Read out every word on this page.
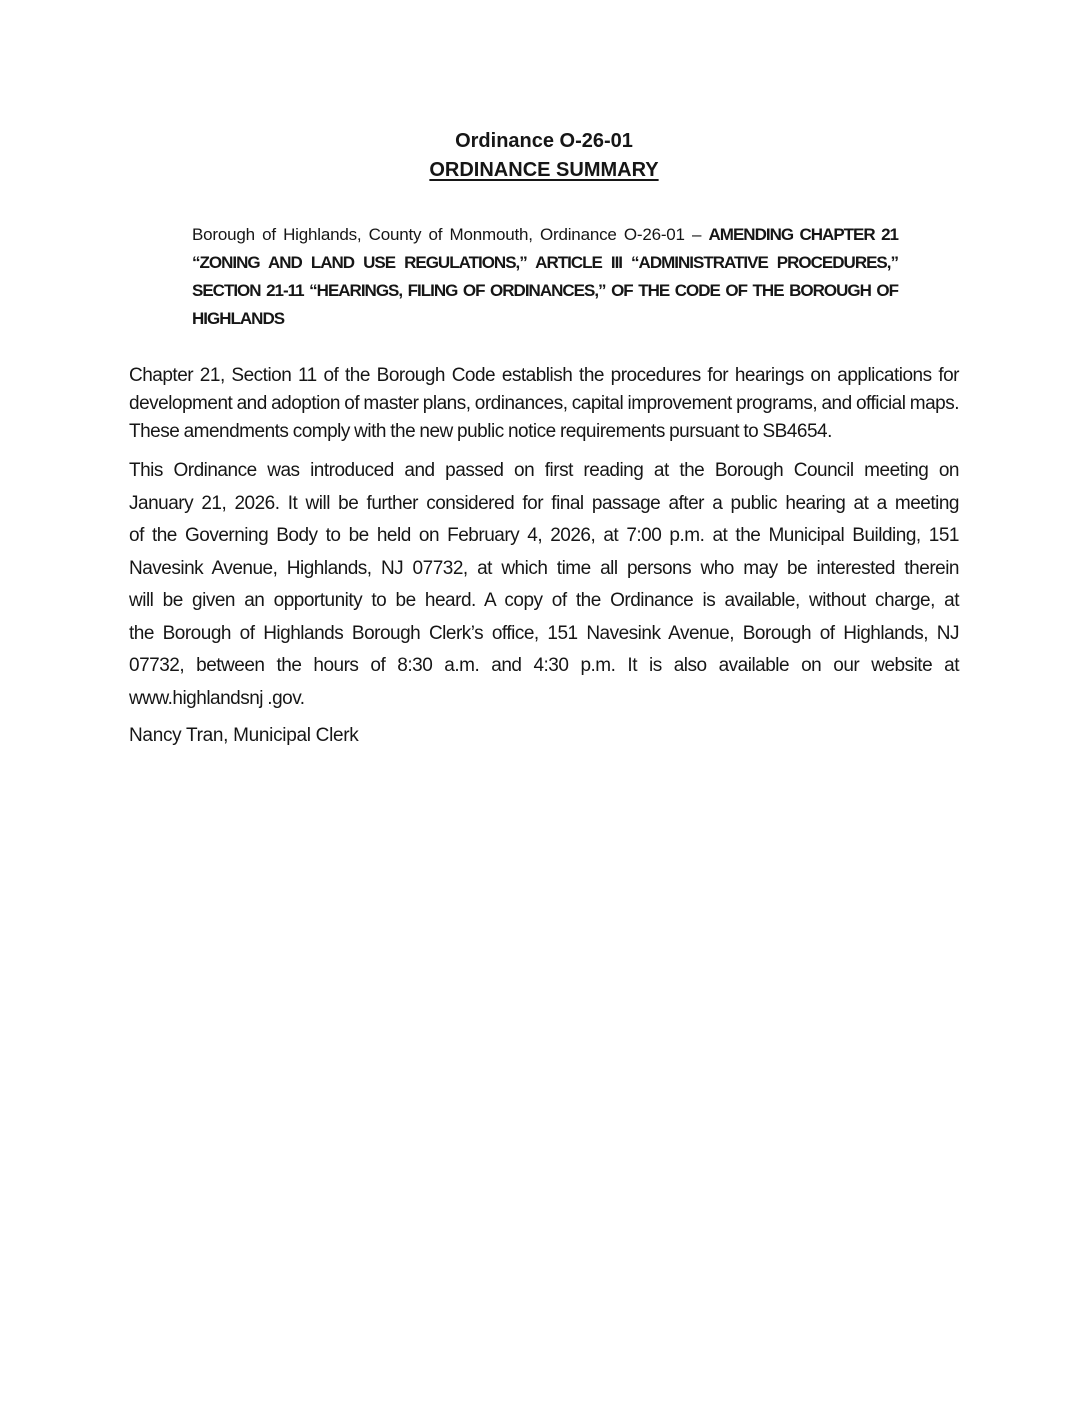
Ordinance O-26-01
ORDINANCE SUMMARY
Borough of Highlands, County of Monmouth, Ordinance O-26-01 – AMENDING CHAPTER 21 “ZONING AND LAND USE REGULATIONS,” ARTICLE III “ADMINISTRATIVE PROCEDURES,” SECTION 21-11 “HEARINGS, FILING OF ORDINANCES,” OF THE CODE OF THE BOROUGH OF HIGHLANDS
Chapter 21, Section 11 of the Borough Code establish the procedures for hearings on applications for
development and adoption of master plans, ordinances, capital improvement programs, and official maps.
These amendments comply with the new public notice requirements pursuant to SB4654.
This Ordinance was introduced and passed on first reading at the Borough Council meeting on
January 21, 2026. It will be further considered for final passage after a public hearing at a meeting
of the Governing Body to be held on February 4, 2026, at 7:00 p.m. at the Municipal Building, 151
Navesink Avenue, Highlands, NJ 07732, at which time all persons who may be interested therein
will be given an opportunity to be heard. A copy of the Ordinance is available, without charge, at
the Borough of Highlands Borough Clerk’s office, 151 Navesink Avenue, Borough of Highlands, NJ
07732, between the hours of 8:30 a.m. and 4:30 p.m. It is also available on our website at
www.highlandsnj .gov.
Nancy Tran, Municipal Clerk
